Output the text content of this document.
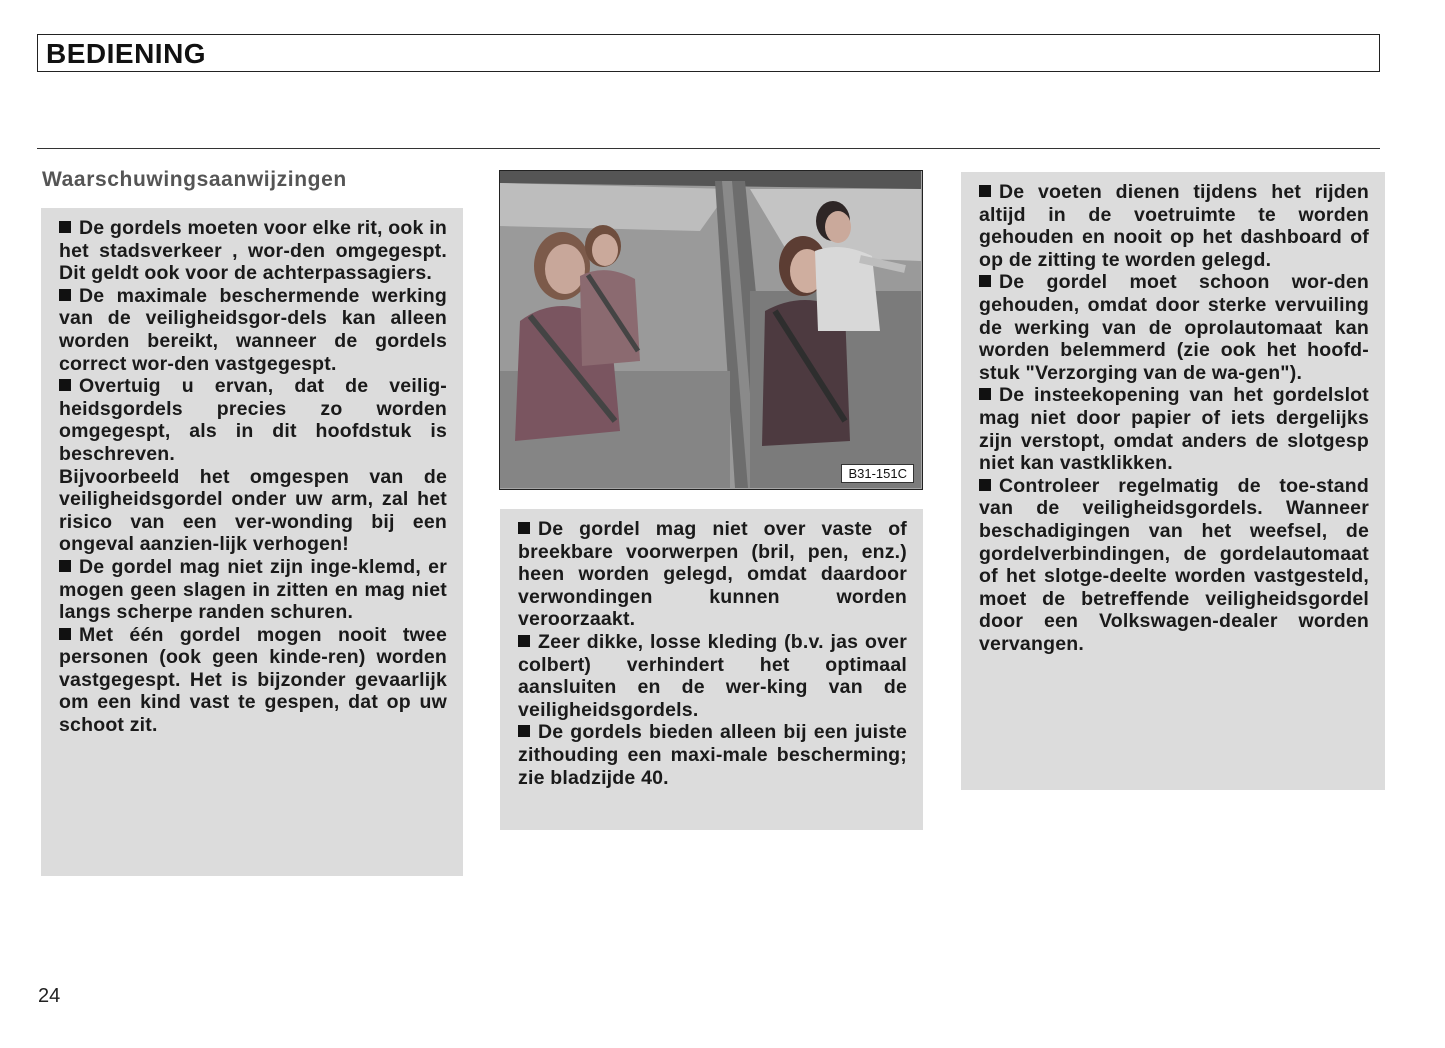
BEDIENING
Waarschuwingsaanwijzingen

De gordels moeten voor elke rit, ook in het stadsverkeer , wor-den omgegespt. Dit geldt ook voor de achterpassagiers.

De maximale beschermende werking van de veiligheidsgor-dels kan alleen worden bereikt, wanneer de gordels correct wor-den vastgegespt.

Overtuig u ervan, dat de veilig-heidsgordels precies zo worden omgegespt, als in dit hoofdstuk is beschreven.

Bijvoorbeeld het omgespen van de veiligheidsgordel onder uw arm, zal het risico van een ver-wonding bij een ongeval aanzien-lijk verhogen!

De gordel mag niet zijn inge-klemd, er mogen geen slagen in zitten en mag niet langs scherpe randen schuren.

Met één gordel mogen nooit twee personen (ook geen kinde-ren) worden vastgegespt. Het is bijzonder gevaarlijk om een kind vast te gespen, dat op uw schoot zit.

B31-151C

De gordel mag niet over vaste of breekbare voorwerpen (bril, pen, enz.) heen worden gelegd, omdat daardoor verwondingen kunnen worden veroorzaakt.

Zeer dikke, losse kleding (b.v. jas over colbert) verhindert het optimaal aansluiten en de wer-king van de veiligheidsgordels.

De gordels bieden alleen bij een juiste zithouding een maxi-male bescherming; zie bladzijde 40.

De voeten dienen tijdens het rijden altijd in de voetruimte te worden gehouden en nooit op het dashboard of op de zitting te worden gelegd.

De gordel moet schoon wor-den gehouden, omdat door sterke vervuiling de werking van de oprolautomaat kan worden belemmerd (zie ook het hoofd-stuk "Verzorging van de wa-gen").

De insteekopening van het gordelslot mag niet door papier of iets dergelijks zijn verstopt, omdat anders de slotgesp niet kan vastklikken.

Controleer regelmatig de toe-stand van de veiligheidsgordels. Wanneer beschadigingen van het weefsel, de gordelverbindingen, de gordelautomaat of het slotge-deelte worden vastgesteld, moet de betreffende veiligheidsgordel door een Volkswagen-dealer worden vervangen.

24
